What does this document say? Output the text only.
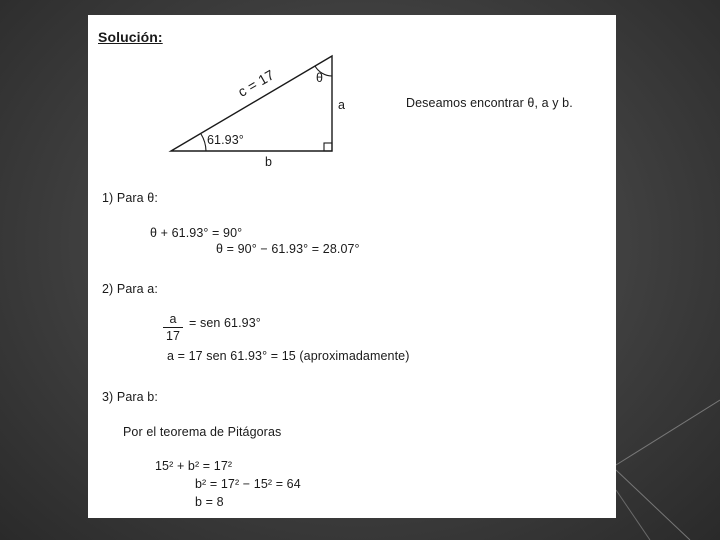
Solución:
c = 17	θ
a
b
61.93°
Deseamos encontrar θ, a y b.
1) Para θ:
θ + 61.93° = 90°
θ = 90° − 61.93° = 28.07°
2) Para a:
a
17
= sen 61.93°
a = 17 sen 61.93° = 15 (aproximadamente)
3) Para b:
Por el teorema de Pitágoras
15² + b² = 17²
b² = 17² − 15² = 64
b = 8
